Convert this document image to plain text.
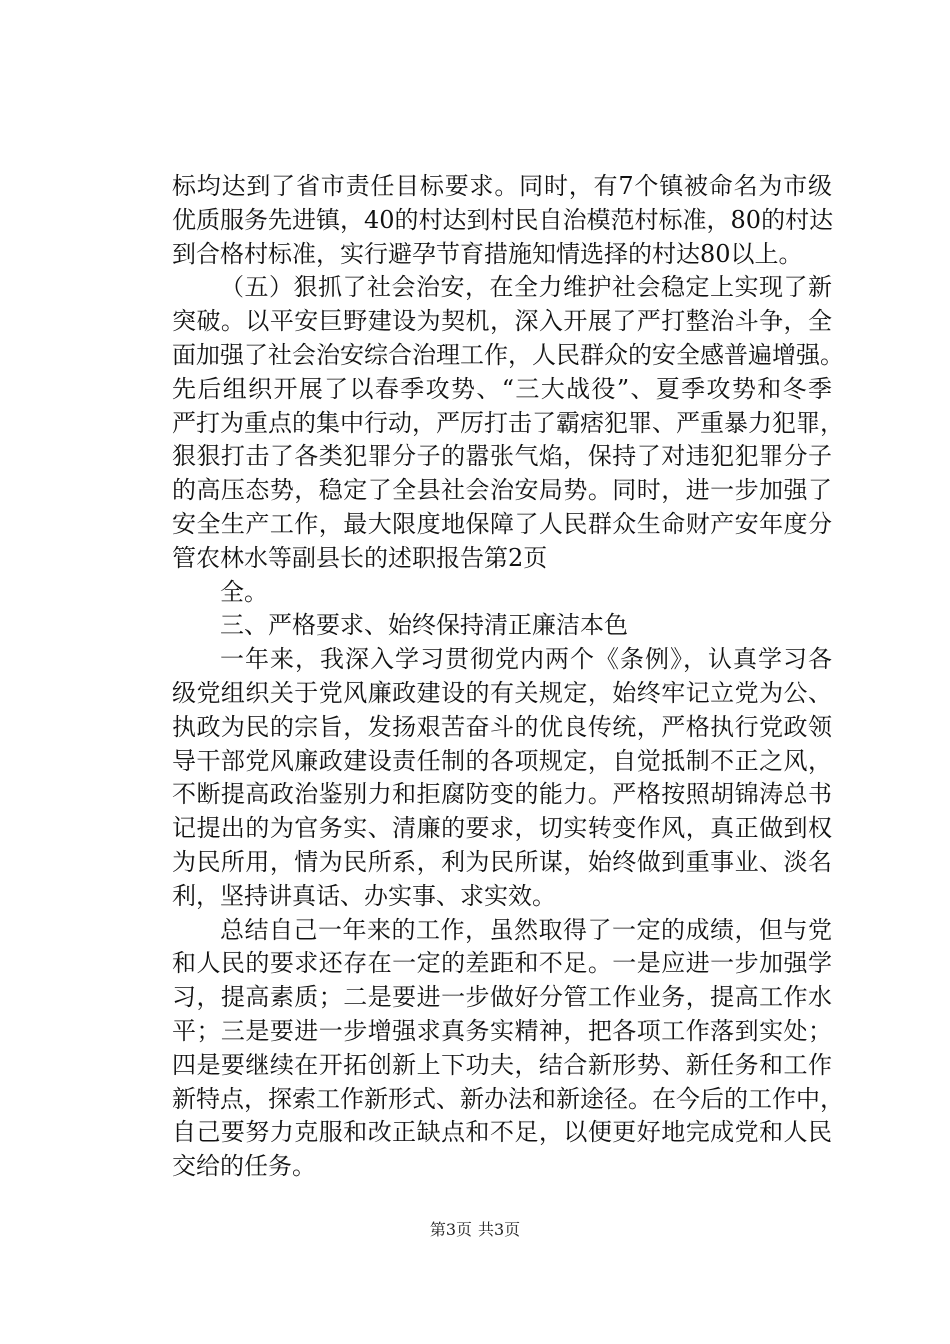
标均达到了省市责任目标要求。同时，有7个镇被命名为市级
优质服务先进镇，40的村达到村民自治模范村标准，80的村达
到合格村标准，实行避孕节育措施知情选择的村达80以上。
（五）狠抓了社会治安，在全力维护社会稳定上实现了新
突破。以平安巨野建设为契机，深入开展了严打整治斗争，全
面加强了社会治安综合治理工作，人民群众的安全感普遍增强。
先后组织开展了以春季攻势、“三大战役”、夏季攻势和冬季
严打为重点的集中行动，严厉打击了霸痞犯罪、严重暴力犯罪，
狠狠打击了各类犯罪分子的嚣张气焰，保持了对违犯犯罪分子
的高压态势，稳定了全县社会治安局势。同时，进一步加强了
安全生产工作，最大限度地保障了人民群众生命财产安年度分
管农林水等副县长的述职报告第2页
全。
三、严格要求、始终保持清正廉洁本色
一年来，我深入学习贯彻党内两个《条例》，认真学习各
级党组织关于党风廉政建设的有关规定，始终牢记立党为公、
执政为民的宗旨，发扬艰苦奋斗的优良传统，严格执行党政领
导干部党风廉政建设责任制的各项规定，自觉抵制不正之风，
不断提高政治鉴别力和拒腐防变的能力。严格按照胡锦涛总书
记提出的为官务实、清廉的要求，切实转变作风，真正做到权
为民所用，情为民所系，利为民所谋，始终做到重事业、淡名
利，坚持讲真话、办实事、求实效。
总结自己一年来的工作，虽然取得了一定的成绩，但与党
和人民的要求还存在一定的差距和不足。一是应进一步加强学
习，提高素质；二是要进一步做好分管工作业务，提高工作水
平；三是要进一步增强求真务实精神，把各项工作落到实处；
四是要继续在开拓创新上下功夫，结合新形势、新任务和工作
新特点，探索工作新形式、新办法和新途径。在今后的工作中，
自己要努力克服和改正缺点和不足，以便更好地完成党和人民
交给的任务。
第3页 共3页
